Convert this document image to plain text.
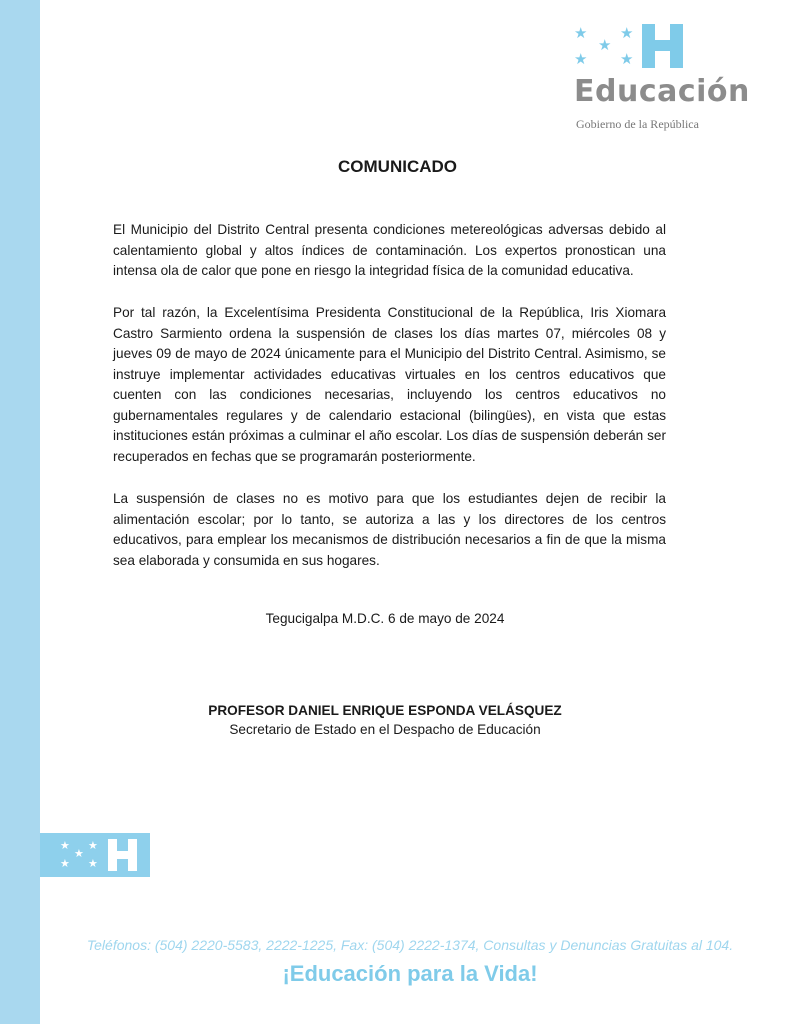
★
★
★
★ ★
Educación
Gobierno de la República
COMUNICADO

El Municipio del Distrito Central presenta condiciones metereológicas adversas debido al calentamiento global y altos índices de contaminación. Los expertos pronostican una intensa ola de calor que pone en riesgo la integridad física de la comunidad educativa.

Por tal razón, la Excelentísima Presidenta Constitucional de la República, Iris Xiomara Castro Sarmiento ordena la suspensión de clases los días martes 07, miércoles 08 y jueves 09 de mayo de 2024 únicamente para el Municipio del Distrito Central. Asimismo, se instruye implementar actividades educativas virtuales en los centros educativos que cuenten con las condiciones necesarias, incluyendo los centros educativos no gubernamentales regulares y de calendario estacional (bilingües), en vista que estas instituciones están próximas a culminar el año escolar. Los días de suspensión deberán ser recuperados en fechas que se programarán posteriormente.

La suspensión de clases no es motivo para que los estudiantes dejen de recibir la alimentación escolar; por lo tanto, se autoriza a las y los directores de los centros educativos, para emplear los mecanismos de distribución necesarios a fin de que la misma sea elaborada y consumida en sus hogares.

Tegucigalpa M.D.C. 6 de mayo de 2024
PROFESOR DANIEL ENRIQUE ESPONDA VELÁSQUEZ
Secretario de Estado en el Despacho de Educación
★
★
★
★ ★
Teléfonos: (504) 2220-5583, 2222-1225, Fax: (504) 2222-1374, Consultas y Denuncias Gratuitas al 104.
¡Educación para la Vida!
